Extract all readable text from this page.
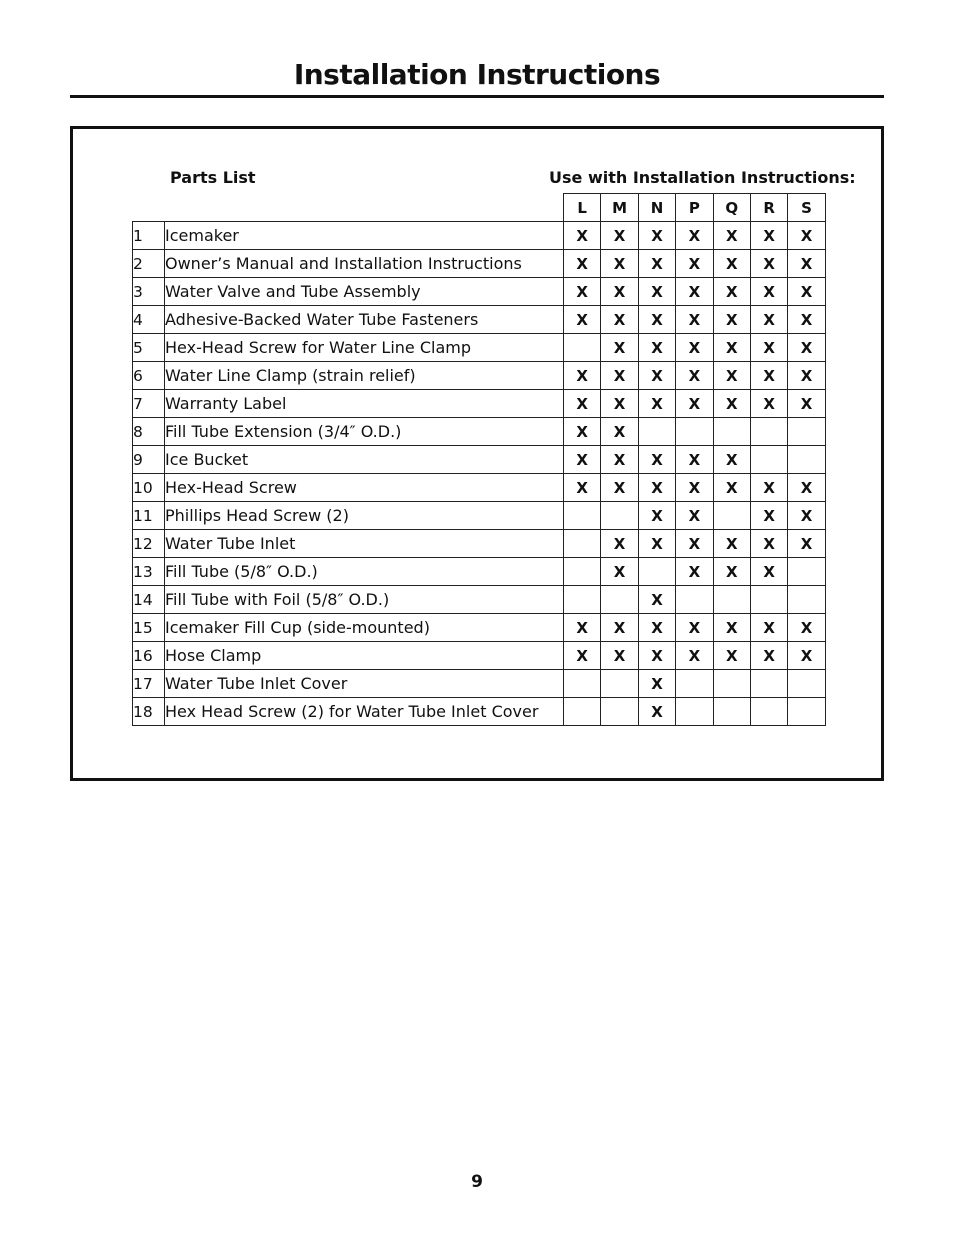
Installation Instructions
Parts List	Use with Installation Instructions:
		L	M	N	P	Q	R	S
1	Icemaker	X	X	X	X	X	X	X
2	Owner’s Manual and Installation Instructions	X	X	X	X	X	X	X
3	Water Valve and Tube Assembly	X	X	X	X	X	X	X
4	Adhesive-Backed Water Tube Fasteners	X	X	X	X	X	X	X
5	Hex-Head Screw for Water Line Clamp		X	X	X	X	X	X
6	Water Line Clamp (strain relief)	X	X	X	X	X	X	X
7	Warranty Label	X	X	X	X	X	X	X
8	Fill Tube Extension (3/4″ O.D.)	X	X					
9	Ice Bucket	X	X	X	X	X		
10	Hex-Head Screw	X	X	X	X	X	X	X
11	Phillips Head Screw (2)			X	X		X	X
12	Water Tube Inlet		X	X	X	X	X	X
13	Fill Tube (5/8″ O.D.)		X		X	X	X	
14	Fill Tube with Foil (5/8″ O.D.)			X				
15	Icemaker Fill Cup (side-mounted)	X	X	X	X	X	X	X
16	Hose Clamp	X	X	X	X	X	X	X
17	Water Tube Inlet Cover			X				
18	Hex Head Screw (2) for Water Tube Inlet Cover			X				
9
